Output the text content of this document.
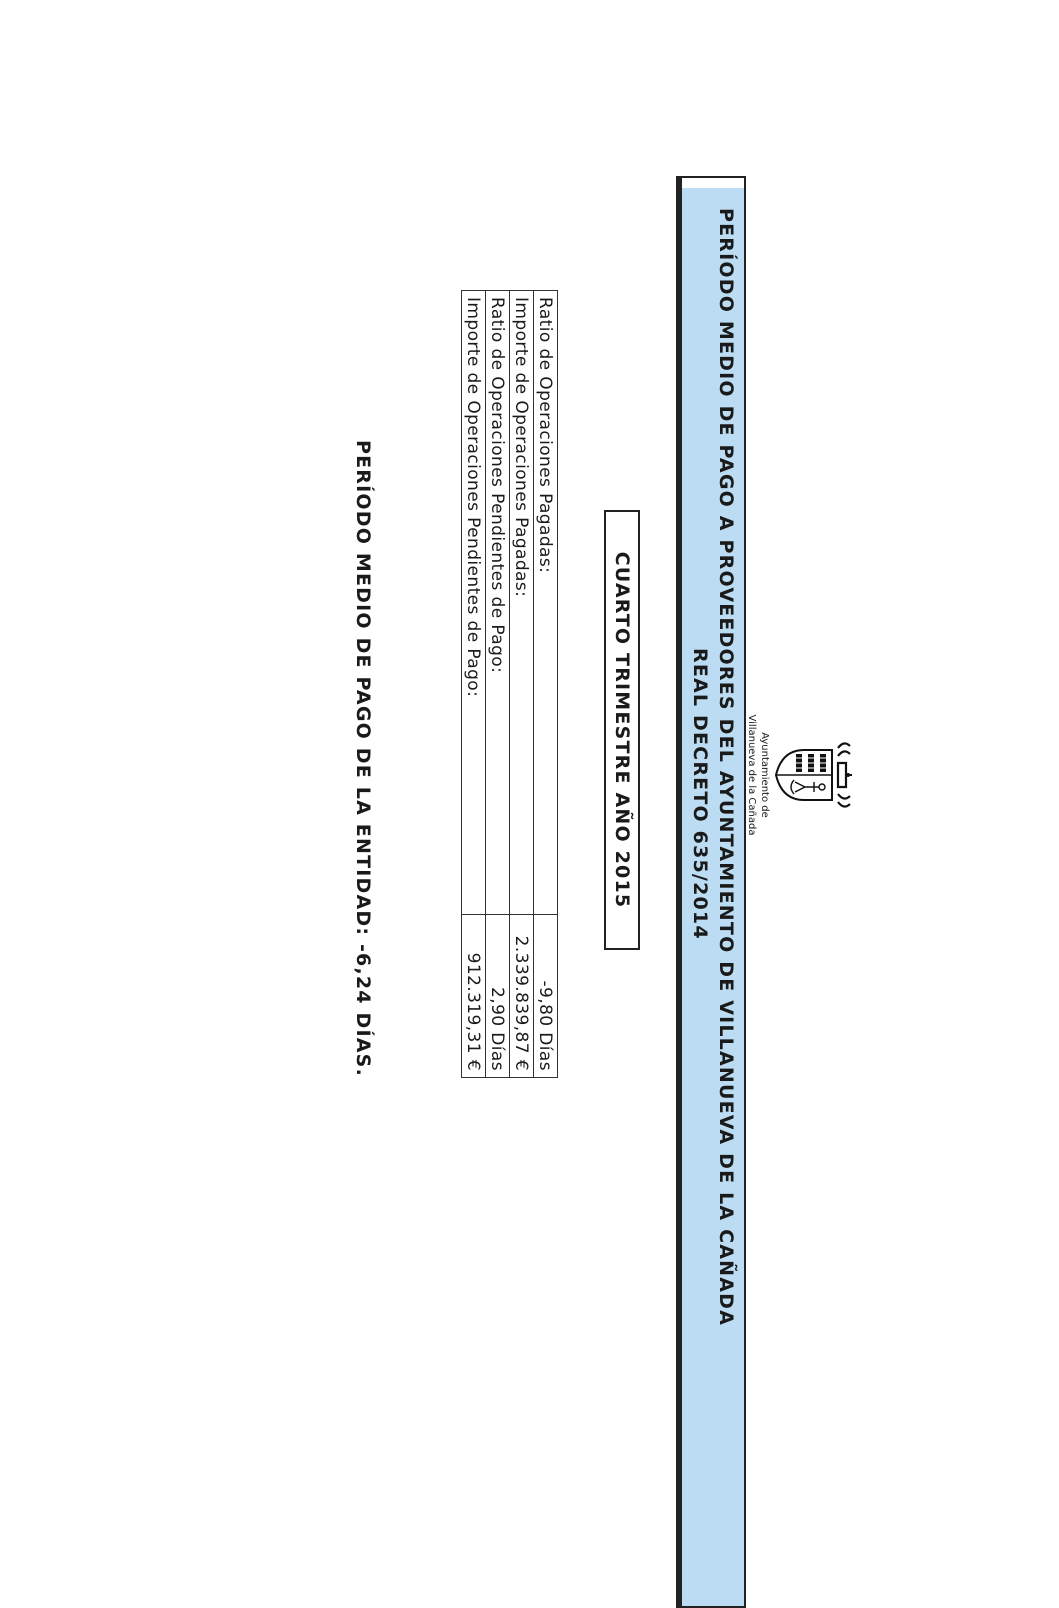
Ayuntamiento de
Villanueva de la Cañada
PERÍODO MEDIO DE PAGO A PROVEEDORES DEL AYUNTAMIENTO DE VILLANUEVA DE LA CAÑADA
REAL DECRETO 635/2014
CUARTO TRIMESTRE AÑO 2015
Ratio de Operaciones Pagadas:	-9,80 Días
Importe de Operaciones Pagadas:	2.339.839,87 €
Ratio de Operaciones Pendientes de Pago:	2,90 Días
Importe de Operaciones Pendientes de Pago:	912.319,31 €
PERÍODO MEDIO DE PAGO DE LA ENTIDAD: -6,24 DÍAS.
